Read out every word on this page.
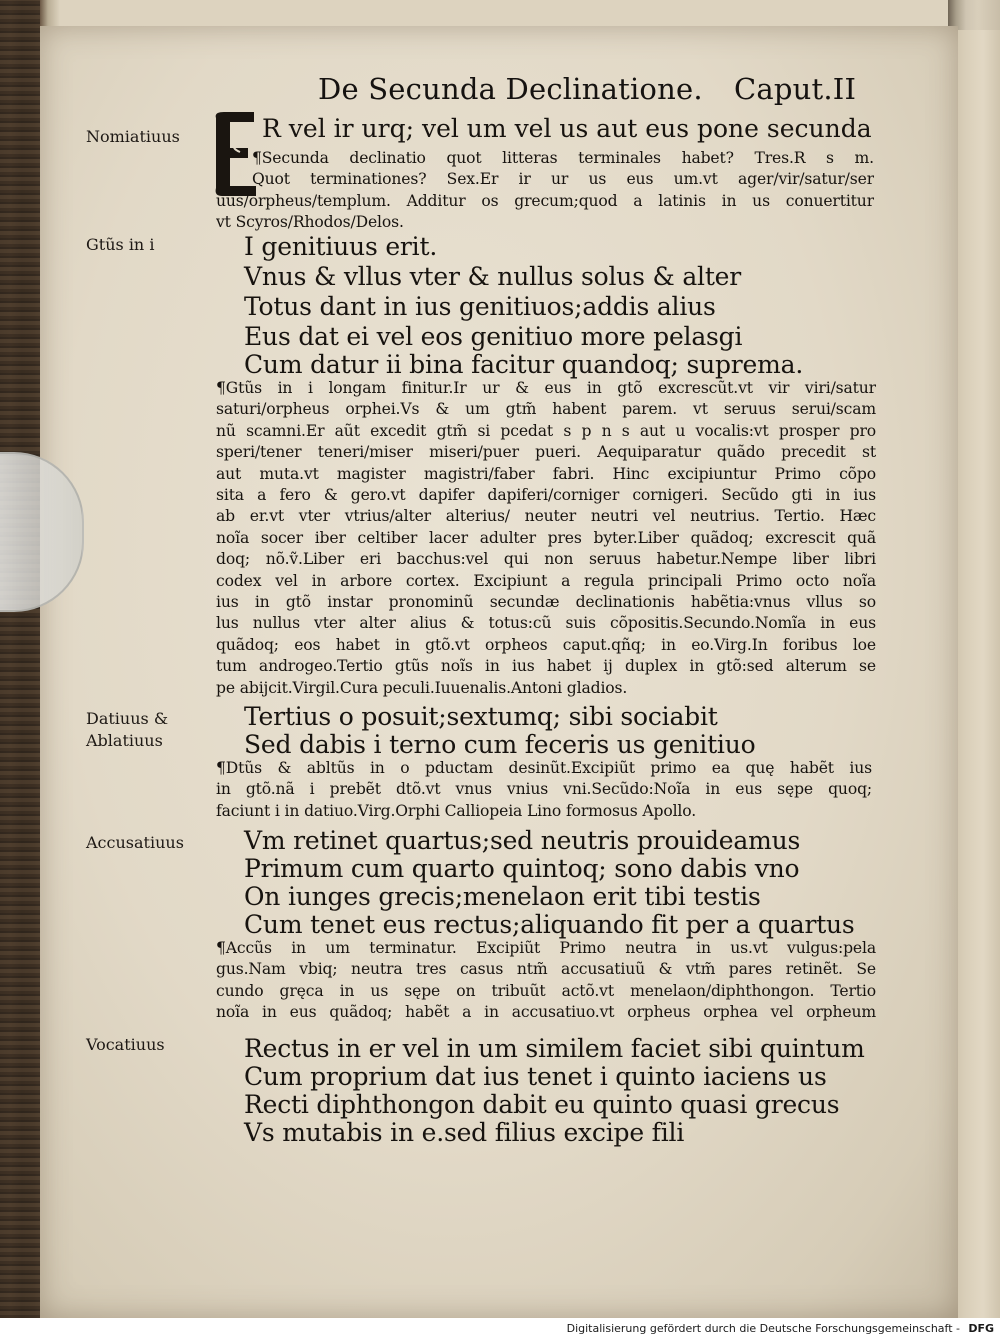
De Secunda Declinatione. Caput.II
Nomiatiuus	R vel ir urq; vel um vel us aut eus pone secunda
¶Secunda declinatio quot litteras terminales habet? Tres.R s m.
Quot terminationes? Sex.Er ir ur us eus um.vt ager/vir/satur/ser
uus/orpheus/templum. Additur os grecum;quod a latinis in us conuertitur
vt Scyros/Rhodos/Delos.
Gtũs in i	I genitiuus erit.
Vnus & vllus vter & nullus solus & alter
Totus dant in ius genitiuos;addis alius
Eus dat ei vel eos genitiuo more pelasgi
Cum datur ii bina facitur quandoq; suprema.
¶Gtũs in i longam finitur.Ir ur & eus in gtõ excrescũt.vt vir viri/satur
saturi/orpheus orphei.Vs & um gtm̃ habent parem. vt seruus serui/scam
nũ scamni.Er aũt excedit gtm̃ si pcedat s p n s aut u vocalis:vt prosper pro
speri/tener teneri/miser miseri/puer pueri. Aequiparatur quãdo precedit st
aut muta.vt magister magistri/faber fabri. Hinc excipiuntur Primo cõpo
sita a fero & gero.vt dapifer dapiferi/corniger cornigeri. Secũdo gti in ius
ab er.vt vter vtrius/alter alterius/ neuter neutri vel neutrius. Tertio. Hæc
noĩa socer iber celtiber lacer adulter pres byter.Liber quãdoq; excrescit quã
doq; nõ.ṽ.Liber eri bacchus:vel qui non seruus habetur.Nempe liber libri
codex vel in arbore cortex. Excipiunt a regula principali Primo octo noĩa
ius in gtõ instar pronominũ secundæ declinationis habẽtia:vnus vllus so
lus nullus vter alter alius & totus:cũ suis cõpositis.Secundo.Nomĩa in eus
quãdoq; eos habet in gtõ.vt orpheos caput.qñq; in eo.Virg.In foribus loe
tum androgeo.Tertio gtũs noĩs in ius habet ij duplex in gtõ:sed alterum se
pe abijcit.Virgil.Cura peculi.Iuuenalis.Antoni gladios.
Datiuus &
Ablatiuus
Tertius o posuit;sextumq; sibi sociabit
Sed dabis i terno cum feceris us genitiuo
¶Dtũs & abltũs in o pductam desinũt.Excipiũt primo ea quę habẽt ius
in gtõ.nã i prebẽt dtõ.vt vnus vnius vni.Secũdo:Noĩa in eus sępe quoq;
faciunt i in datiuo.Virg.Orphi Calliopeia Lino formosus Apollo.
Accusatiuus Vm retinet quartus;sed neutris prouideamus
Primum cum quarto quintoq; sono dabis vno
On iunges grecis;menelaon erit tibi testis
Cum tenet eus rectus;aliquando fit per a quartus
¶Accũs in um terminatur. Excipiũt Primo neutra in us.vt vulgus:pela
gus.Nam vbiq; neutra tres casus ntm̃ accusatiuũ & vtm̃ pares retinẽt. Se
cundo gręca in us sępe on tribuũt actõ.vt menelaon/diphthongon. Tertio
noĩa in eus quãdoq; habẽt a in accusatiuo.vt orpheus orphea vel orpheum
Vocatiuus	Rectus in er vel in um similem faciet sibi quintum
Cum proprium dat ius tenet i quinto iaciens us
Recti diphthongon dabit eu quinto quasi grecus
Vs mutabis in e.sed filius excipe fili
Digitalisierung gefördert durch die Deutsche Forschungsgemeinschaft - DFG
